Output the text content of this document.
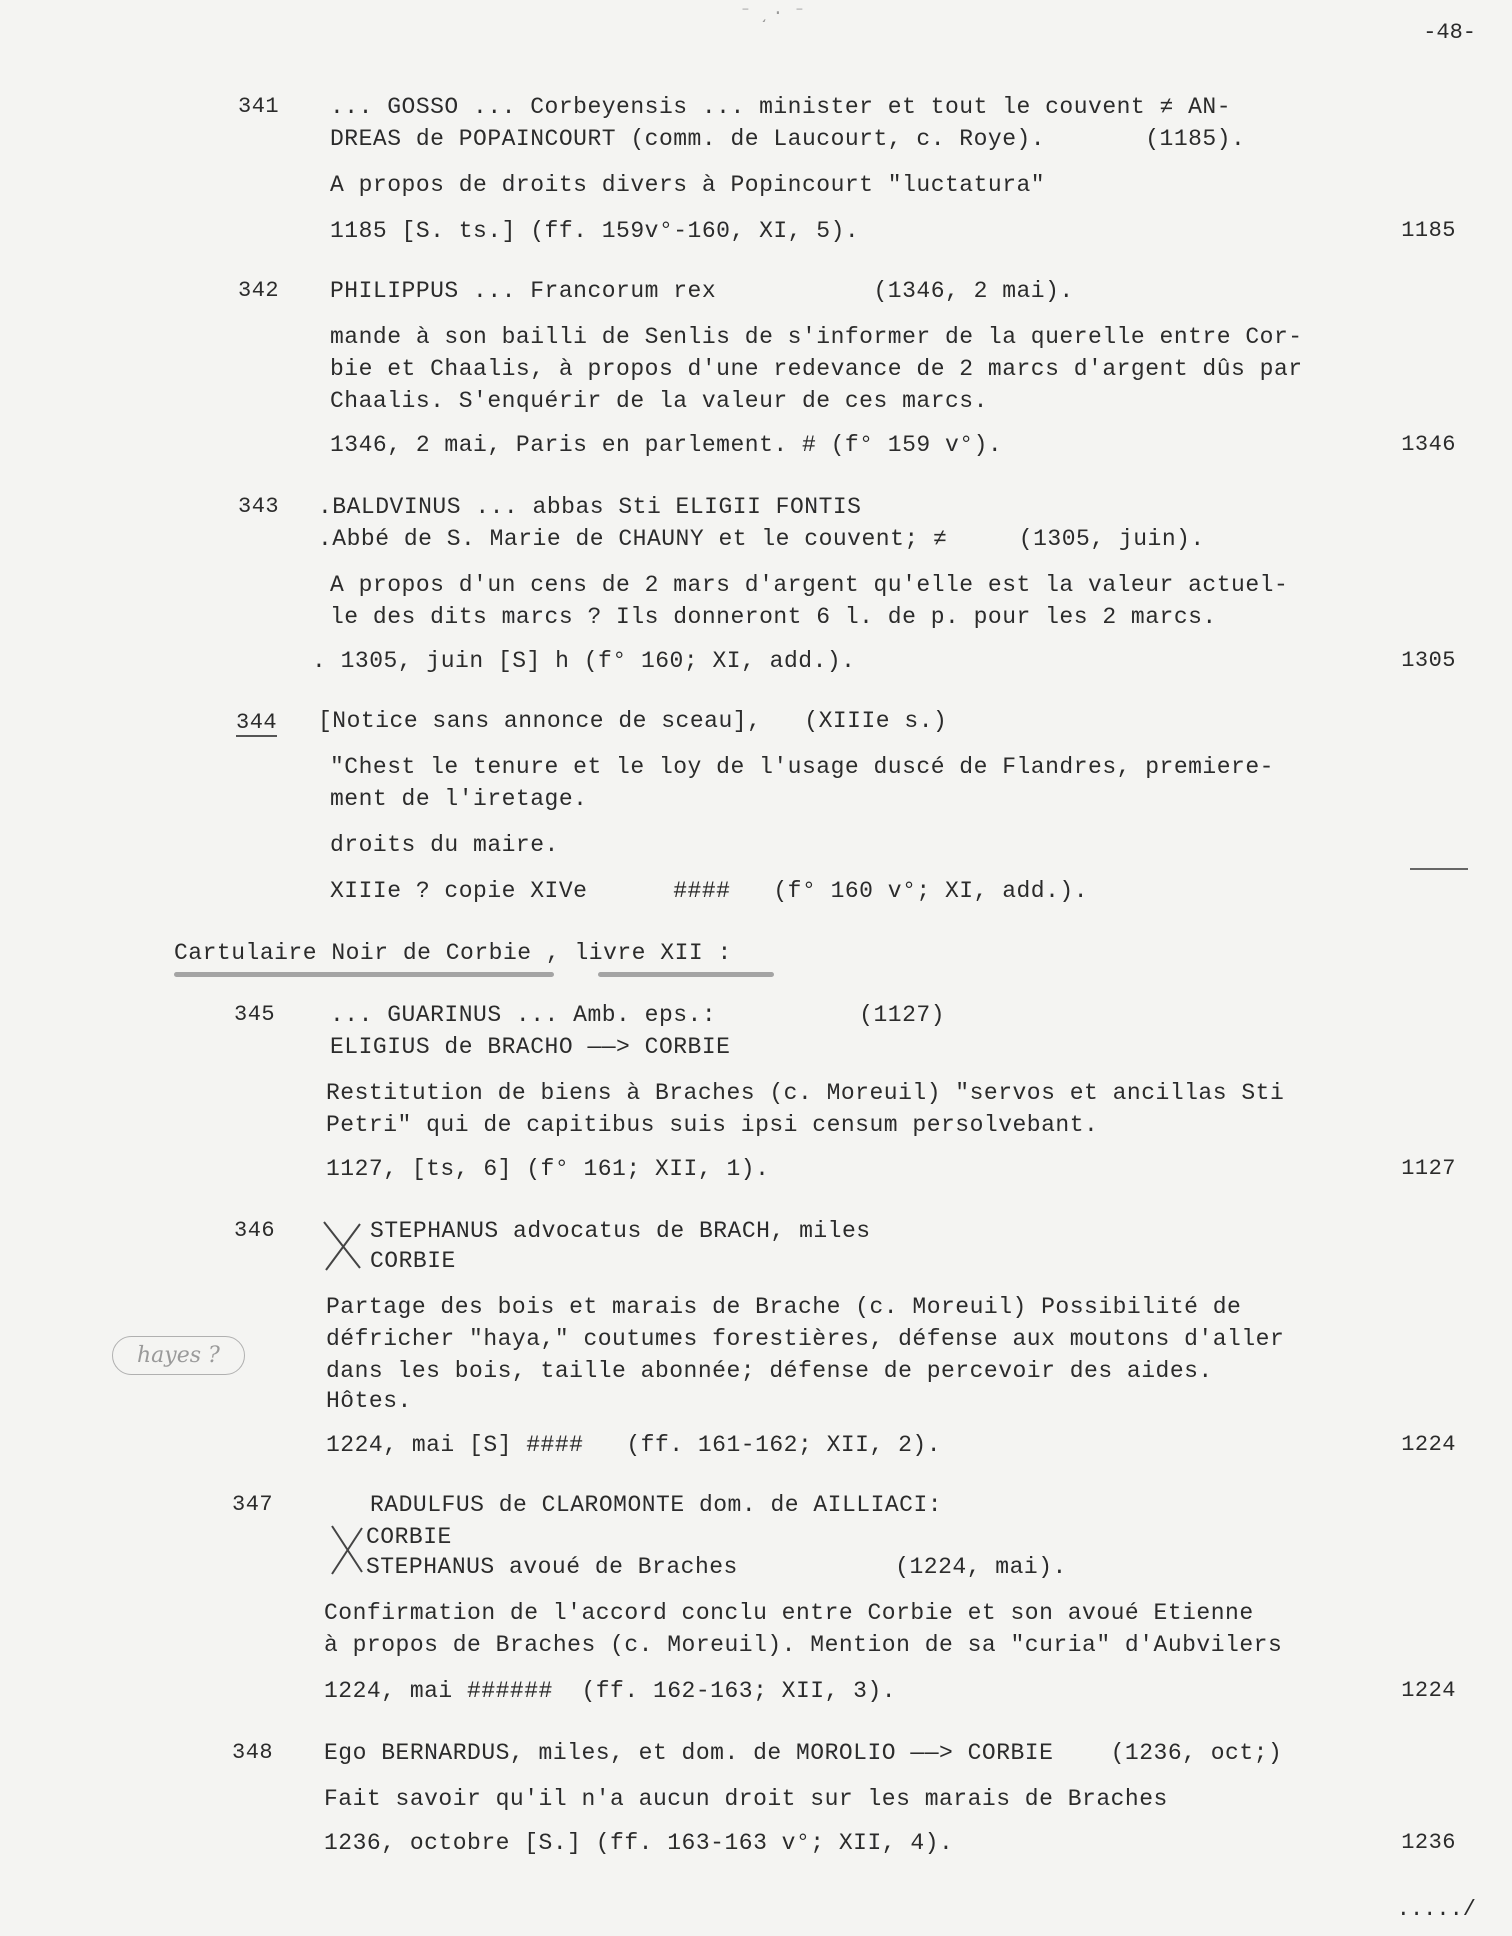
⁻ ͵ · ⁻
-48-
341 ... GOSSO ... Corbeyensis ... minister et tout le couvent ≠ AN-
DREAS de POPAINCOURT (comm. de Laucourt, c. Roye).       (1185).
A propos de droits divers à Popincourt "luctatura"
1185 [S. ts.] (ff. 159v°-160, XI, 5).	1185
342 PHILIPPUS ... Francorum rex           (1346, 2 mai).
mande à son bailli de Senlis de s'informer de la querelle entre Cor-
bie et Chaalis, à propos d'une redevance de 2 marcs d'argent dûs par
Chaalis. S'enquérir de la valeur de ces marcs.
1346, 2 mai, Paris en parlement. # (f° 159 v°).	1346
343 .BALDVINUS ... abbas Sti ELIGII FONTIS
.Abbé de S. Marie de CHAUNY et le couvent; ≠     (1305, juin).
A propos d'un cens de 2 mars d'argent qu'elle est la valeur actuel-
le des dits marcs ? Ils donneront 6 l. de p. pour les 2 marcs.
. 1305, juin [S] h (f° 160; XI, add.).	1305
344 [Notice sans annonce de sceau],   (XIIIe s.)
"Chest le tenure et le loy de l'usage duscé de Flandres, premiere-
ment de l'iretage.
droits du maire.
XIIIe ? copie XIVe      ####   (f° 160 v°; XI, add.).
Cartulaire Noir de Corbie , livre XII :
345 ... GUARINUS ... Amb. eps.:          (1127)
ELIGIUS de BRACHO ——> CORBIE
Restitution de biens à Braches (c. Moreuil) "servos et ancillas Sti
Petri" qui de capitibus suis ipsi censum persolvebant.
1127, [ts, 6] (f° 161; XII, 1).	1127
346	STEPHANUS advocatus de BRACH, miles
CORBIE
Partage des bois et marais de Brache (c. Moreuil) Possibilité de
défricher "haya," coutumes forestières, défense aux moutons d'aller
dans les bois, taille abonnée; défense de percevoir des aides.
Hôtes.
1224, mai [S] ####   (ff. 161-162; XII, 2).	1224
hayes ?
347	RADULFUS de CLAROMONTE dom. de AILLIACI:
CORBIE
STEPHANUS avoué de Braches           (1224, mai).
Confirmation de l'accord conclu entre Corbie et son avoué Etienne
à propos de Braches (c. Moreuil). Mention de sa "curia" d'Aubvilers
1224, mai ######  (ff. 162-163; XII, 3).	1224
348 Ego BERNARDUS, miles, et dom. de MOROLIO ——> CORBIE    (1236, oct;)
Fait savoir qu'il n'a aucun droit sur les marais de Braches
1236, octobre [S.] (ff. 163-163 v°; XII, 4).	1236
...../
